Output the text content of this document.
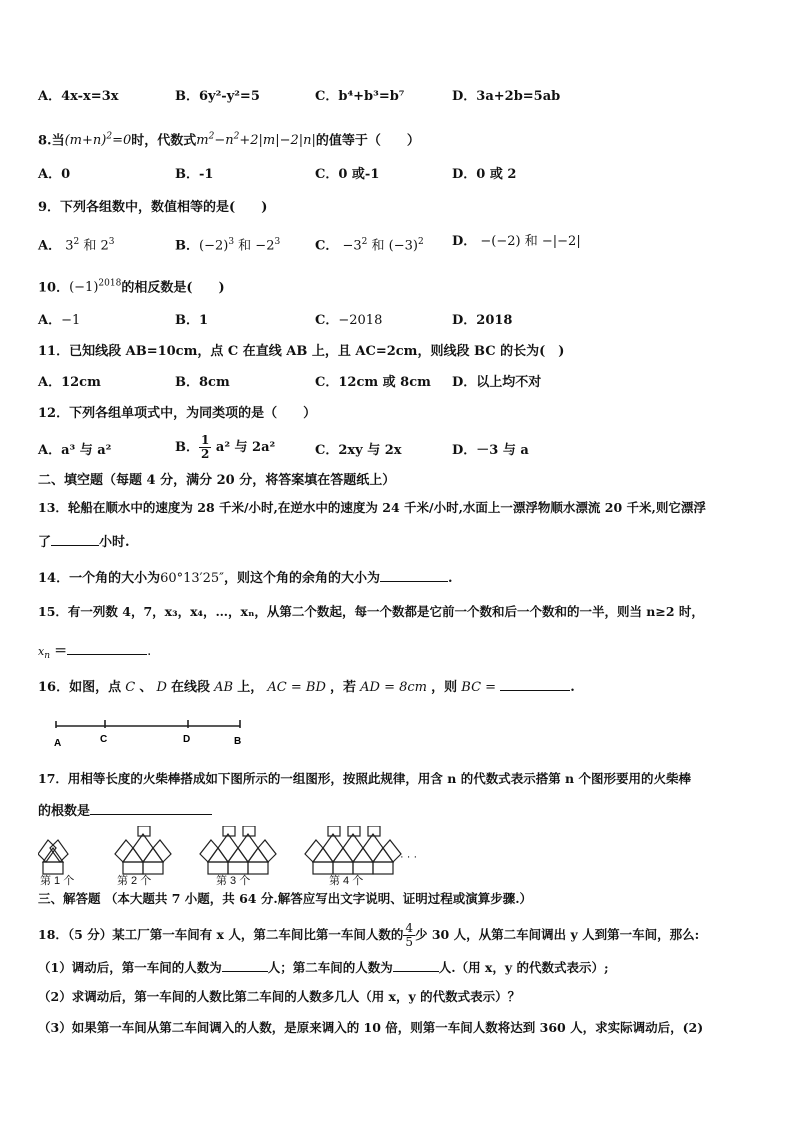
A．4x-x=3x	B．6y²-y²=5	C．b⁴+b³=b⁷	D．3a+2b=5ab
8.当$(m+n)^2=0$时，代数式$m^2-n^2+2|m|-2|n|$的值等于（　　）
A．0	B．-1	C．0 或-1	D．0 或 2
9．下列各组数中，数值相等的是(　　)
A． $3^2$ 和 $2^3$	B．$(-2)^3$ 和 $-2^3$	C． $-3^2$ 和 $(-3)^2$ D． −(−2) 和 −|−2|
10．$(-1)^{2018}$的相反数是(　　)
A．−1	B．1	C．−2018	D．2018
11．已知线段 AB=10cm，点 C 在直线 AB 上，且 AC=2cm，则线段 BC 的长为(　)
A．12cm	B．8cm	C．12cm 或 8cm D．以上均不对
12．下列各组单项式中，为同类项的是（　　）
A．a³ 与 a²	B． $\frac{1}{2} a^2$ 与 2a²	C．2xy 与 2x	D．－3 与 a
二、填空题（每题 4 分，满分 20 分，将答案填在答题纸上）
13．轮船在顺水中的速度为 28 千米/小时,在逆水中的速度为 24 千米/小时,水面上一漂浮物顺水漂流 20 千米,则它漂浮
了	小时.
14．一个角的大小为60°13′25″，则这个角的余角的大小为	.
15．有一列数 4，7，x₃，x₄，…，xₙ，从第二个数起，每一个数都是它前一个数和后一个数和的一半，则当 n≥2 时，
$x_n$ ＝	.
16．如图，点 C 、 D 在线段 AB 上， AC = BD ，若 AD = 8cm ，则 BC =	.
A	C	D	B
17．用相等长度的火柴棒搭成如下图所示的一组图形，按照此规律，用含 n 的代数式表示搭第 n 个图形要用的火柴棒
的根数是
· · ·
第 1 个	第 2 个	第 3 个	第 4 个
三、解答题 （本大题共 7 小题，共 64 分.解答应写出文字说明、证明过程或演算步骤.）
18．（5 分）某工厂第一车间有 x 人，第二车间比第一车间人数的 $\frac{4}{5}$ 少 30 人，从第二车间调出 y 人到第一车间，那么:
（1）调动后，第一车间的人数为	人；第二车间的人数为	人.（用 x，y 的代数式表示）;
（2）求调动后，第一车间的人数比第二车间的人数多几人（用 x，y 的代数式表示）？
（3）如果第一车间从第二车间调入的人数，是原来调入的 10 倍，则第一车间人数将达到 360 人，求实际调动后，(2)
